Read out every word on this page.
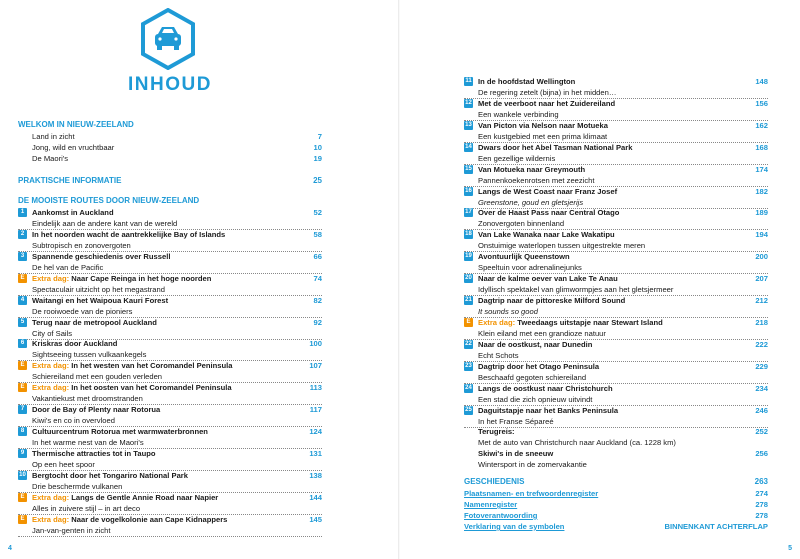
INHOUD
WELKOM IN NIEUW-ZEELAND
Land in zicht	7
Jong, wild en vruchtbaar	10
De Maori's	19
PRAKTISCHE INFORMATIE	25
DE MOOISTE ROUTES DOOR NIEUW-ZEELAND
1	Aankomst in Auckland	52
Eindelijk aan de andere kant van de wereld
2	In het noorden wacht de aantrekkelijke Bay of Islands	58
Subtropisch en zonovergoten
3	Spannende geschiedenis over Russell	66
De hel van de Pacific
E Extra dag: Naar Cape Reinga in het hoge noorden	74
Spectaculair uitzicht op het megastrand
4	Waitangi en het Waipoua Kauri Forest	82
De rooiwoede van de pioniers
5	Terug naar de metropool Auckland	92
City of Sails
6	Kriskras door Auckland	100
Sightseeing tussen vulkaankegels
E Extra dag: In het westen van het Coromandel Peninsula	107
Schiereiland met een gouden verleden
E Extra dag: In het oosten van het Coromandel Peninsula	113
Vakantiekust met droomstranden
7	Door de Bay of Plenty naar Rotorua	117
Kiwi's en co in overvloed
8	Cultuurcentrum Rotorua met warmwaterbronnen	124
In het warme nest van de Maori's
9	Thermische attracties tot in Taupo	131
Op een heet spoor
10 Bergtocht door het Tongariro National Park	138
Drie beschermde vulkanen
E Extra dag: Langs de Gentle Annie Road naar Napier	144
Alles in zuivere stijl – in art deco
E Extra dag: Naar de vogelkolonie aan Cape Kidnappers	145
Jan-van-genten in zicht
4
11 In de hoofdstad Wellington	148
De regering zetelt (bijna) in het midden…
12 Met de veerboot naar het Zuidereiland	156
Een wankele verbinding
13 Van Picton via Nelson naar Motueka	162
Een kustgebied met een prima klimaat
14 Dwars door het Abel Tasman National Park	168
Een gezellige wildernis
15 Van Motueka naar Greymouth	174
Pannenkoekenrotsen met zeezicht
16 Langs de West Coast naar Franz Josef	182
Greenstone, goud en gletsjerijs
17 Over de Haast Pass naar Central Otago	189
Zonovergoten binnenland
18 Van Lake Wanaka naar Lake Wakatipu	194
Onstuimige waterlopen tussen uitgestrekte meren
19 Avontuurlijk Queenstown	200
Speeltuin voor adrenalinejunks
20 Naar de kalme oever van Lake Te Anau	207
Idyllisch spektakel van glimwormpjes aan het gletsjermeer
21 Dagtrip naar de pittoreske Milford Sound	212
It sounds so good
E Extra dag: Tweedaags uitstapje naar Stewart Island	218
Klein eiland met een grandioze natuur
22 Naar de oostkust, naar Dunedin	222
Echt Schots
23 Dagtrip door het Otago Peninsula	229
Beschaafd gegoten schiereiland
24 Langs de oostkust naar Christchurch	234
Een stad die zich opnieuw uitvindt
25 Daguitstapje naar het Banks Peninsula	246
In het Franse Sépareé
Terugreis:	252
Met de auto van Christchurch naar Auckland (ca. 1228 km)
Skiwi's in de sneeuw	256
Wintersport in de zomervakantie
GESCHIEDENIS	263
Plaatsnamen- en trefwoordenregister	274
Namenregister	278
Fotoverantwoording	278
Verklaring van de symbolen	BINNENKANT ACHTERFLAP
5
